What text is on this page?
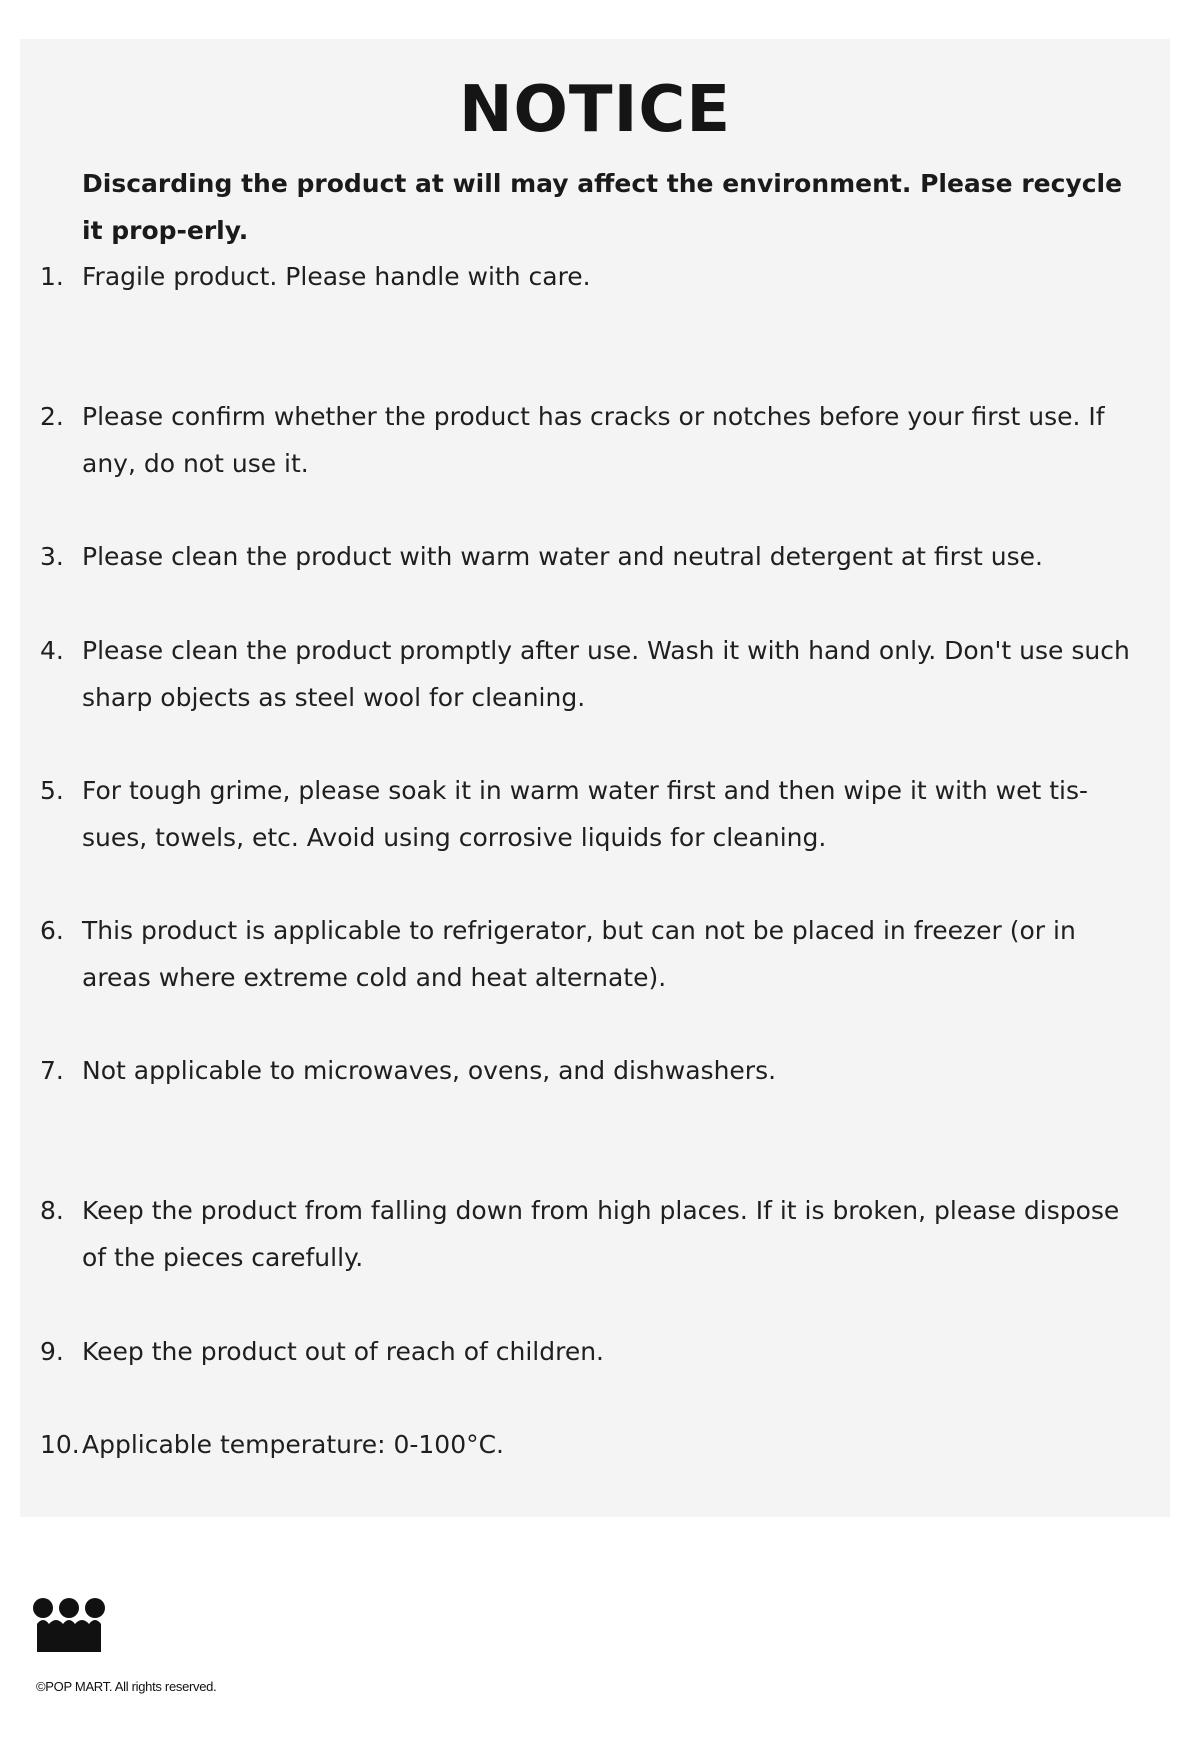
NOTICE

Discarding the product at will may affect the environment. Please recycle it prop-erly.

1. Fragile product. Please handle with care.
2. Please confirm whether the product has cracks or notches before your first use. If any, do not use it.
3. Please clean the product with warm water and neutral detergent at first use.
4. Please clean the product promptly after use. Wash it with hand only. Don't use such sharp objects as steel wool for cleaning.
5. For tough grime, please soak it in warm water first and then wipe it with wet tis-sues, towels, etc. Avoid using corrosive liquids for cleaning.
6. This product is applicable to refrigerator, but can not be placed in freezer (or in areas where extreme cold and heat alternate).
7. Not applicable to microwaves, ovens, and dishwashers.
8. Keep the product from falling down from high places. If it is broken, please dispose of the pieces carefully.
9. Keep the product out of reach of children.
10. Applicable temperature: 0-100°C.
©POP MART. All rights reserved.
